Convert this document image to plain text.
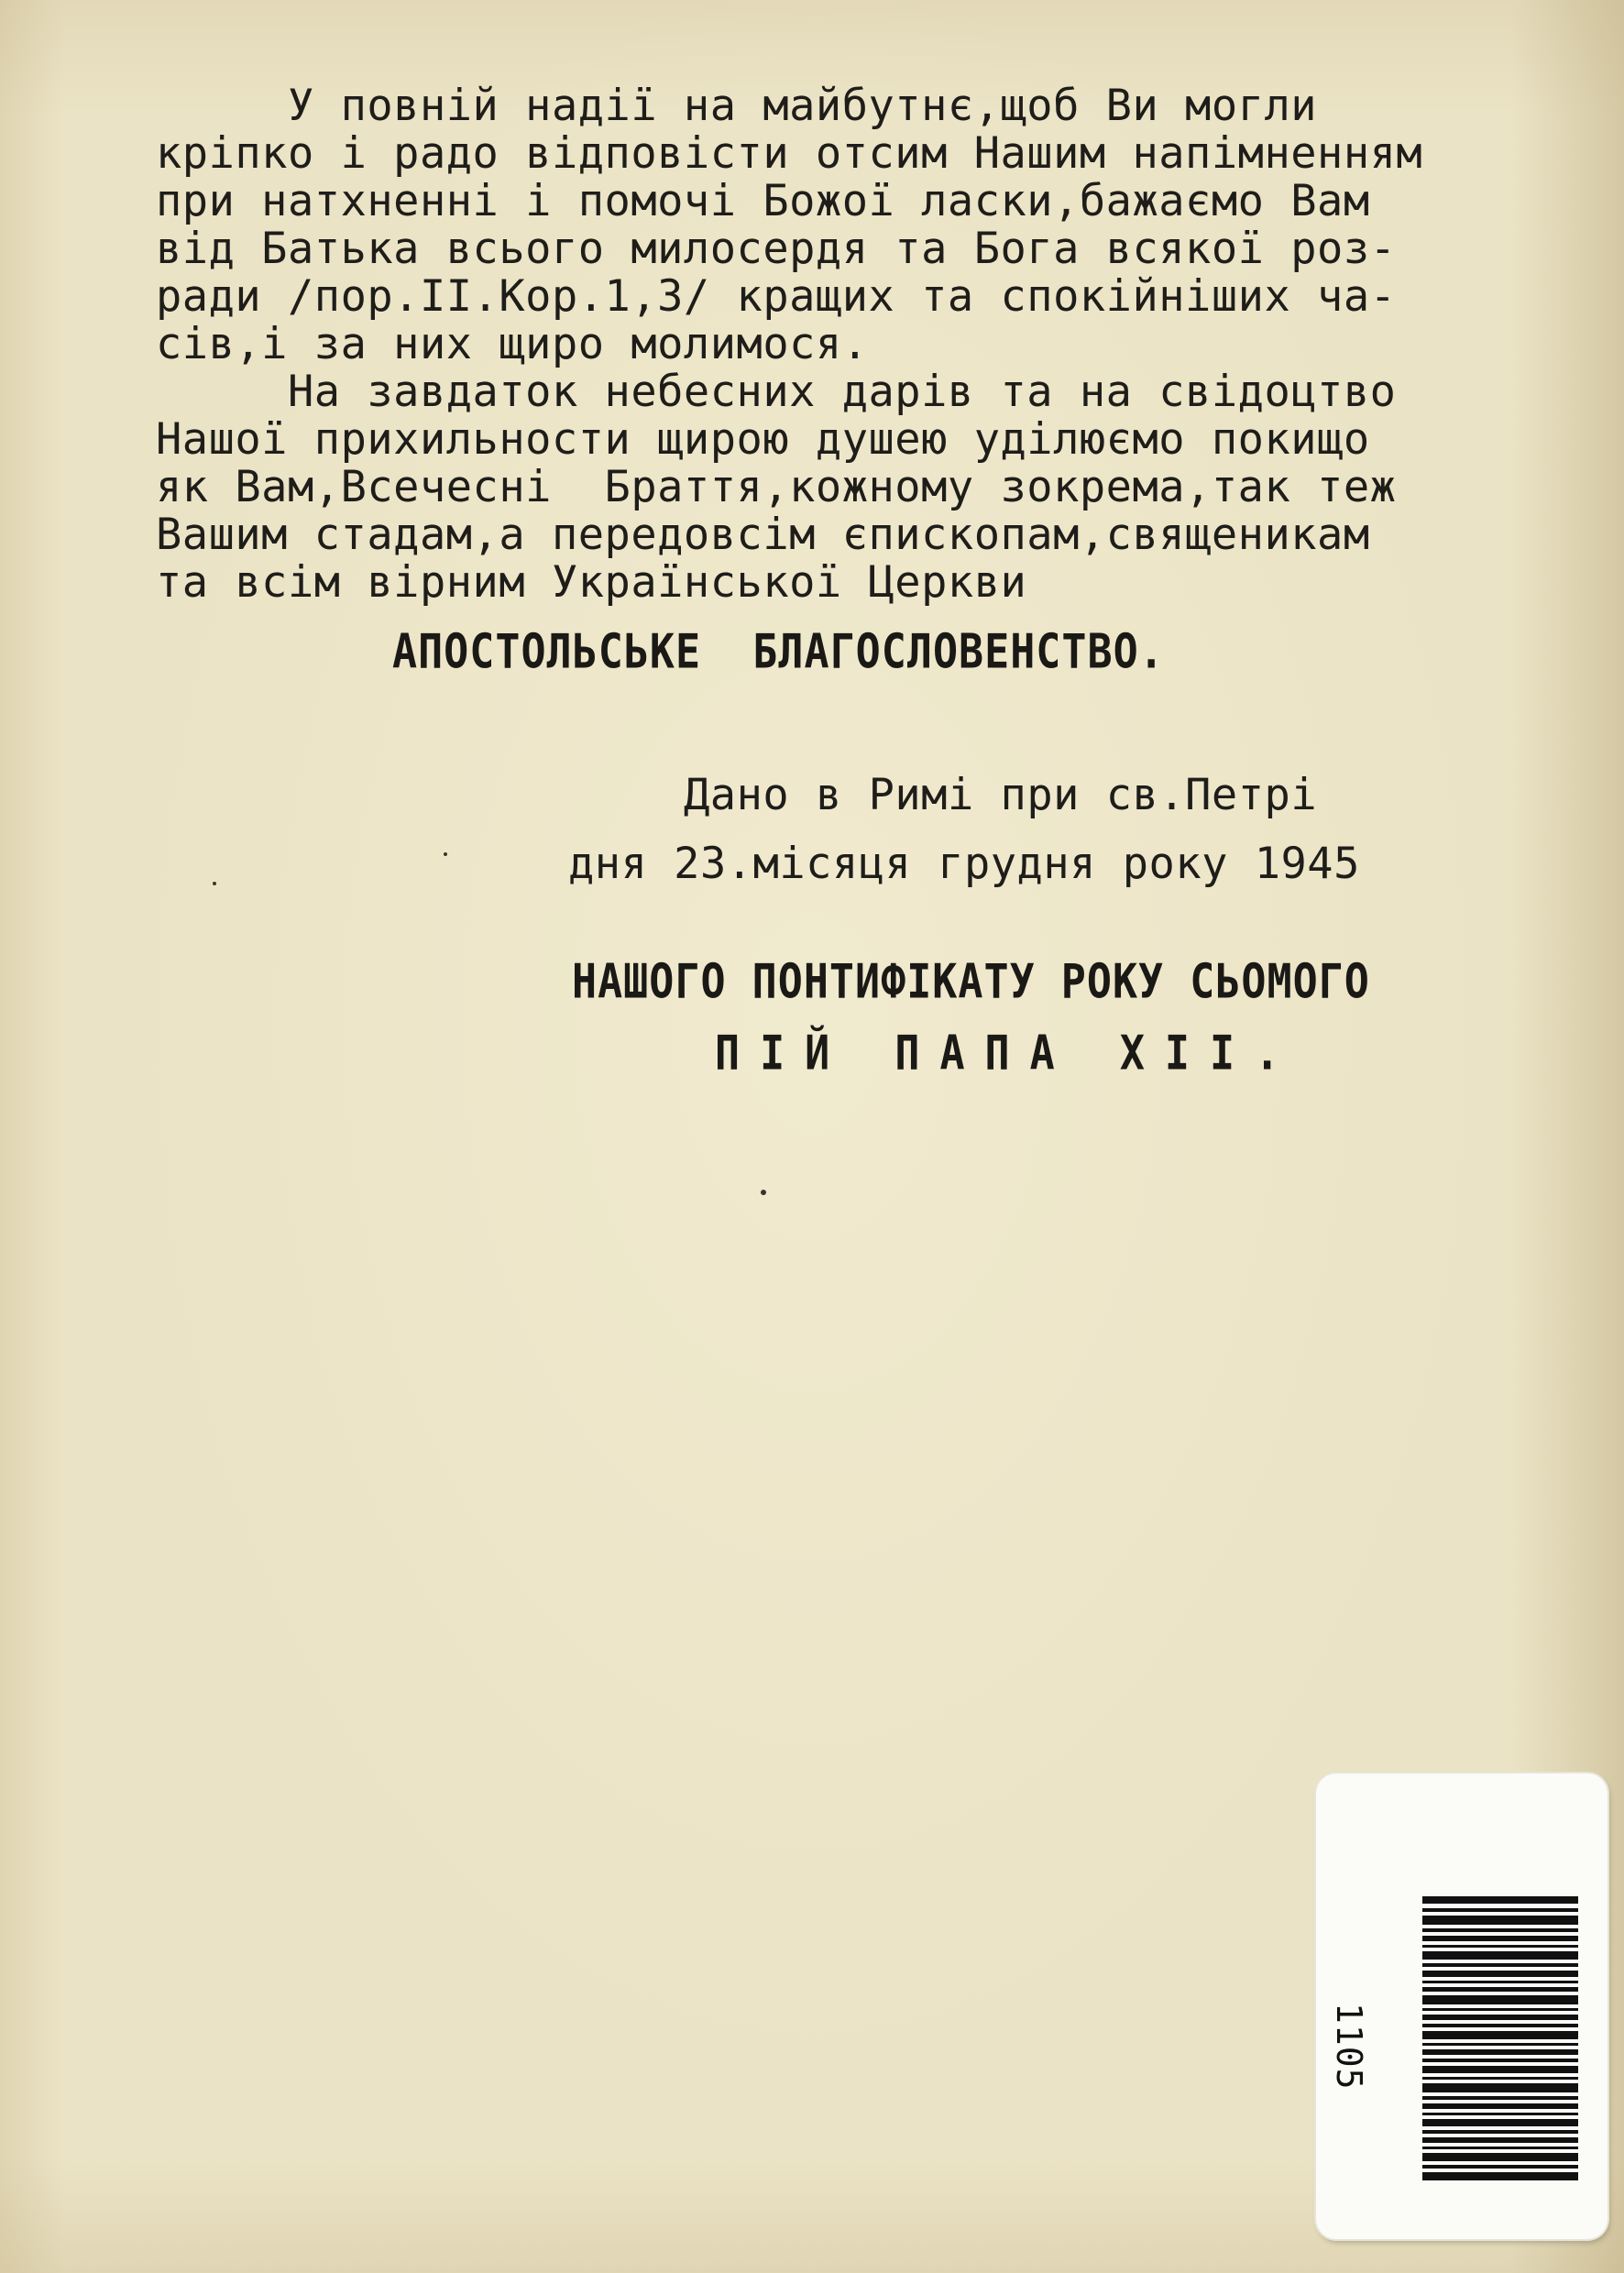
У повній надії на майбутнє,щоб Ви могли
кріпко і радо відповісти отсим Нашим напімненням
при натхненні і помочі Божої ласки,бажаємо Вам
від Батька всього милосердя та Бога всякої роз-
ради /пор.II.Кор.1,3/ кращих та спокійніших ча-
сів,і за них щиро молимося.
На завдаток небесних дарів та на свідоцтво
Нашої прихильности щирою душею уділюємо покищо
як Вам,Всечесні  Браття,кожному зокрема,так теж
Вашим стадам,а передовсім єпископам,священикам
та всім вірним Української Церкви
АПОСТОЛЬСЬКЕ  БЛАГОСЛОВЕНСТВО.
Дано в Римі при св.Петрі
дня 23.місяця грудня року 1945
НАШОГО ПОНТИФІКАТУ РОКУ СЬОМОГО
ПІЙ ПАПА XII.
1105
